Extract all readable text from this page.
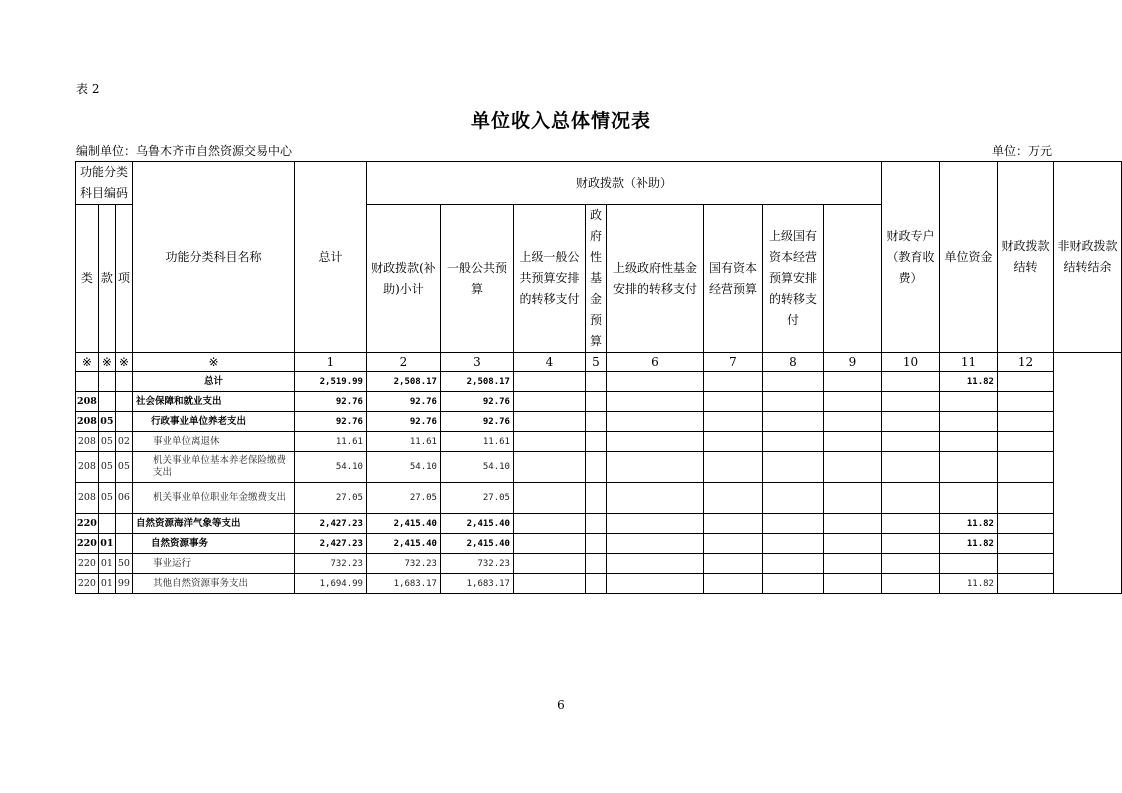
表 2
单位收入总体情况表
编制单位：乌鲁木齐市自然资源交易中心	单位：万元
功能分类科目编码			功能分类科目名称	总计	财政拨款（补助）								财政专户（教育收费）	单位资金	财政拨款结转	非财政拨款结转结余
类	款	项			财政拨款(补助)小计	一般公共预算	上级一般公共预算安排的转移支付	政府性基金预算	上级政府性基金安排的转移支付	国有资本经营预算	上级国有资本经营预算安排的转移支付					
※	※	※	※	1	2	3	4	5	6	7	8	9	10	11	12	
			总计	2,519.99	2,508.17	2,508.17								11.82		
208			社会保障和就业支出	92.76	92.76	92.76										
208	05		行政事业单位养老支出	92.76	92.76	92.76										
208	05	02	事业单位离退休	11.61	11.61	11.61										
208	05	05	机关事业单位基本养老保险缴费支出	54.10	54.10	54.10										
208	05	06	机关事业单位职业年金缴费支出	27.05	27.05	27.05										
220			自然资源海洋气象等支出	2,427.23	2,415.40	2,415.40								11.82		
220	01		自然资源事务	2,427.23	2,415.40	2,415.40								11.82		
220	01	50	事业运行	732.23	732.23	732.23										
220	01	99	其他自然资源事务支出	1,694.99	1,683.17	1,683.17								11.82		
6
